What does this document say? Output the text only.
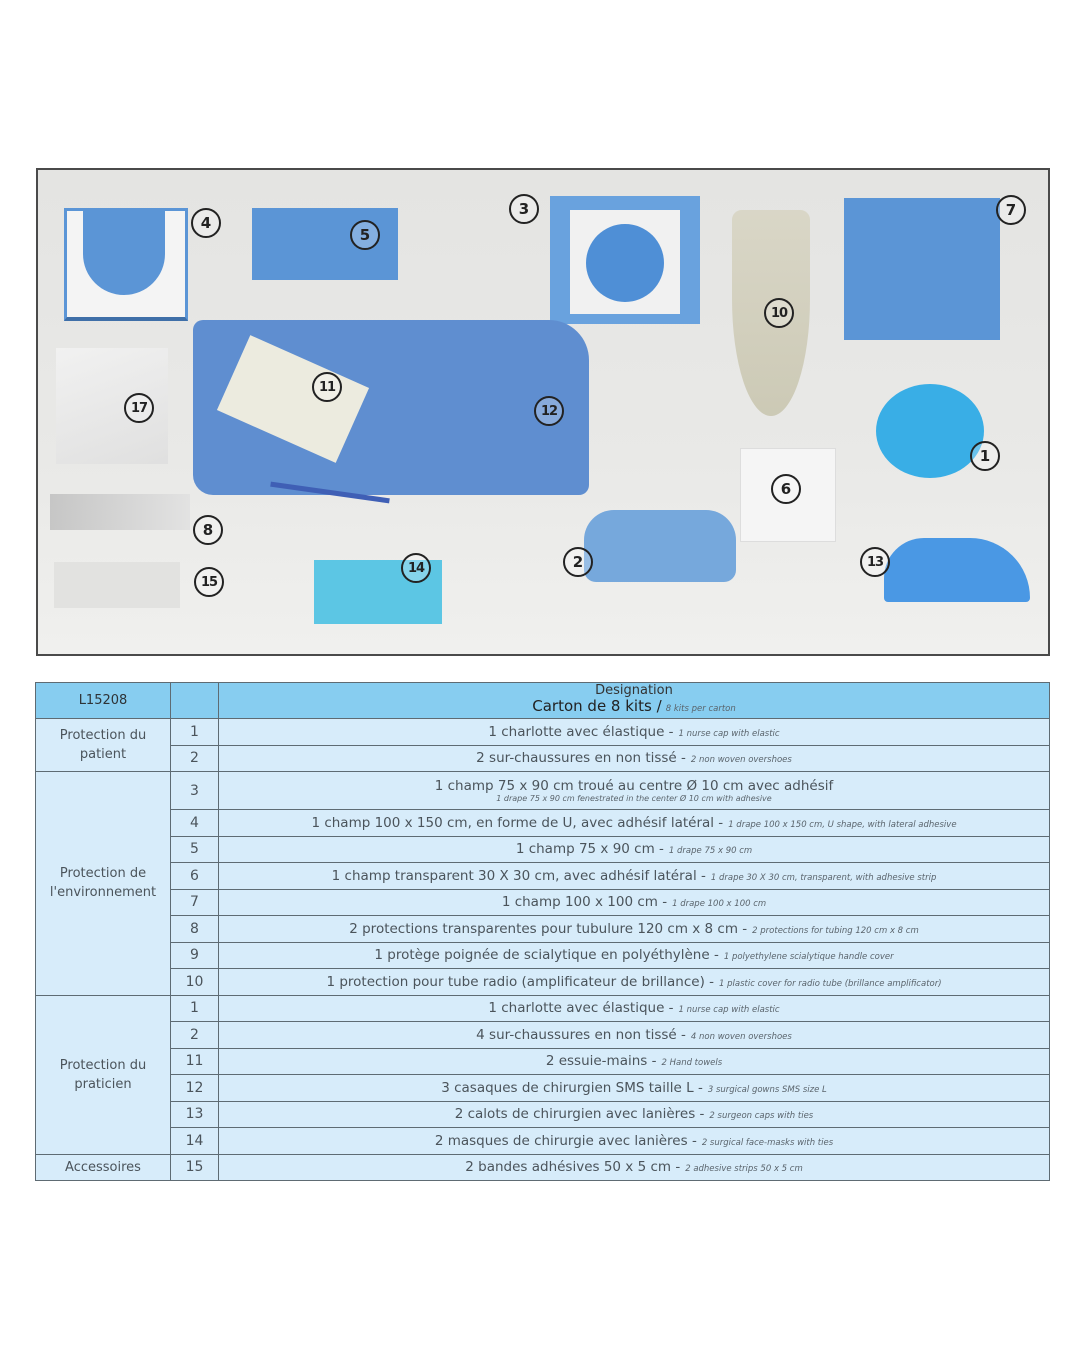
1
2
3
4
5
6
7
8
10
11
12
13
14
15
17
L15208		Designation
Carton de 8 kits / 8 kits per carton

Protection du patient	1	1 charlotte avec élastique - 1 nurse cap with elastic
	2	2 sur-chaussures en non tissé - 2 non woven overshoes
Protection de l'environnement	3	1 champ 75 x 90 cm troué au centre Ø 10 cm avec adhésif
1 drape 75 x 90 cm fenestrated in the center Ø 10 cm with adhesive

	4	1 champ 100 x 150 cm, en forme de U, avec adhésif latéral - 1 drape 100 x 150 cm, U shape, with lateral adhesive
	5	1 champ 75 x 90 cm - 1 drape 75 x 90 cm
	6	1 champ transparent 30 X 30 cm, avec adhésif latéral - 1 drape 30 X 30 cm, transparent, with adhesive strip
	7	1 champ 100 x 100 cm - 1 drape 100 x 100 cm
	8	2 protections transparentes pour tubulure 120 cm x 8 cm - 2 protections for tubing 120 cm x 8 cm
	9	1 protège poignée de scialytique en polyéthylène - 1 polyethylene scialytique handle cover
	10	1 protection pour tube radio (amplificateur de brillance) - 1 plastic cover for radio tube (brillance amplificator)
Protection du praticien	1	1 charlotte avec élastique - 1 nurse cap with elastic
	2	4 sur-chaussures en non tissé - 4 non woven overshoes
	11	2 essuie-mains - 2 Hand towels
	12	3 casaques de chirurgien SMS taille L - 3 surgical gowns SMS size L
	13	2 calots de chirurgien avec lanières - 2 surgeon caps with ties
	14	2 masques de chirurgie avec lanières - 2 surgical face-masks with ties
Accessoires	15	2 bandes adhésives 50 x 5 cm - 2 adhesive strips 50 x 5 cm
